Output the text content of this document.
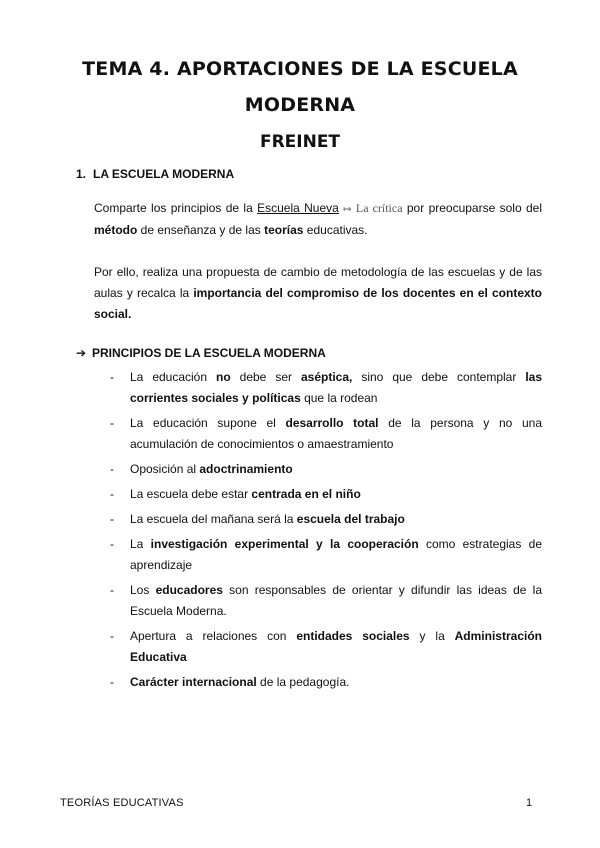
TEMA 4. APORTACIONES DE LA ESCUELA
MODERNA
FREINET
1. LA ESCUELA MODERNA
Comparte los principios de la Escuela Nueva ↦ La crítica por preocuparse solo del método de enseñanza y de las teorías educativas.
Por ello, realiza una propuesta de cambio de metodología de las escuelas y de las aulas y recalca la importancia del compromiso de los docentes en el contexto social.
➔ PRINCIPIOS DE LA ESCUELA MODERNA
- La educación no debe ser aséptica, sino que debe contemplar las corrientes sociales y políticas que la rodean
- La educación supone el desarrollo total de la persona y no una acumulación de conocimientos o amaestramiento
- Oposición al adoctrinamiento
- La escuela debe estar centrada en el niño
- La escuela del mañana será la escuela del trabajo
- La investigación experimental y la cooperación como estrategias de aprendizaje
- Los educadores son responsables de orientar y difundir las ideas de la Escuela Moderna.
- Apertura a relaciones con entidades sociales y la Administración Educativa
- Carácter internacional de la pedagogía.
TEORÍAS EDUCATIVAS	1
